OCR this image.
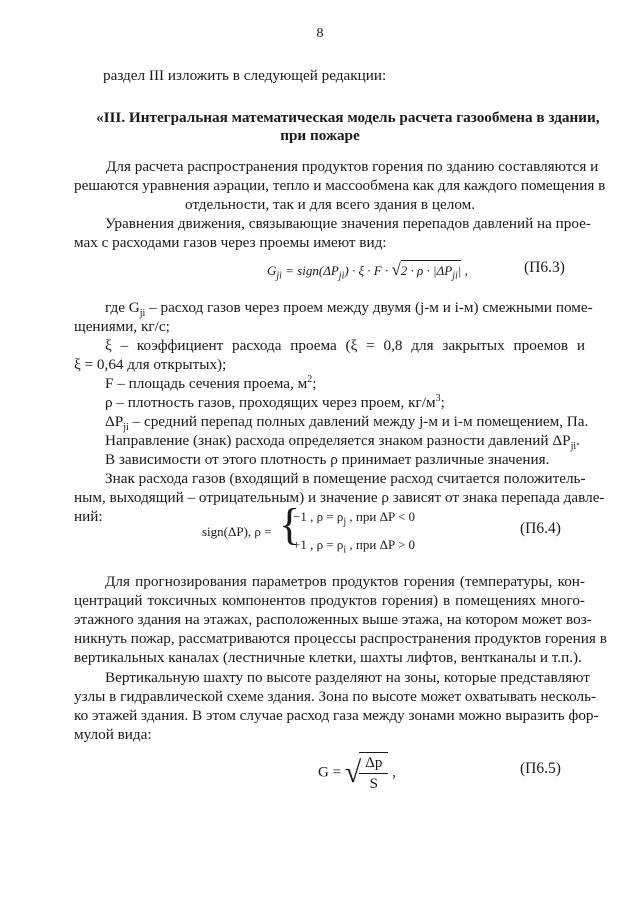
8
раздел III изложить в следующей редакции:
«III. Интегральная математическая модель расчета газообмена в здании,
при пожаре
Для расчета распространения продуктов горения по зданию составляются и
решаются уравнения аэрации, тепло и массообмена как для каждого помещения в
отдельности, так и для всего здания в целом.
Уравнения движения, связывающие значения перепадов давлений на прое-
мах с расходами газов через проемы имеют вид:
$G_{ji}$ = $sign(\Delta P_{ji}) \cdot \xi \cdot F \cdot √2 \cdot \rho \cdot |\Delta P_{ji}|$ ,	(П6.3)
где $G_{ji}$ – расход газов через проем между двумя (j-м и i-м) смежными поме-
щениями, кг/с;
ξ – коэффициент расхода проема (ξ = 0,8 для закрытых проемов и
ξ = 0,64 для открытых);
F – площадь сечения проема, $м^2$;
ρ – плотность газов, проходящих через проем, $кг/м^3$;
$\Delta P_{ji}$ – средний перепад полных давлений между j-м и i-м помещением, Па.
Направление (знак) расхода определяется знаком разности давлений $\Delta P_{ji}$.
В зависимости от этого плотность ρ принимает различные значения.
Знак расхода газов (входящий в помещение расход считается положитель-
ным, выходящий – отрицательным) и значение ρ зависят от знака перепада давле-
ний:
sign(ΔP), ρ = {
−1 , $\rho = \rho_j$ , при ΔP < 0
+1 , $\rho = \rho_i$ , при ΔP > 0
(П6.4)
Для прогнозирования параметров продуктов горения (температуры, кон-
центраций токсичных компонентов продуктов горения) в помещениях много-
этажного здания на этажах, расположенных выше этажа, на котором может воз-
никнуть пожар, рассматриваются процессы распространения продуктов горения в
вертикальных каналах (лестничные клетки, шахты лифтов, вентканалы и т.п.).
Вертикальную шахту по высоте разделяют на зоны, которые представляют
узлы в гидравлической схеме здания. Зона по высоте может охватывать несколь-
ко этажей здания. В этом случае расход газа между зонами можно выразить фор-
мулой вида:
G = √
$\frac{\Delta p}{S}$ ,	(П6.5)
